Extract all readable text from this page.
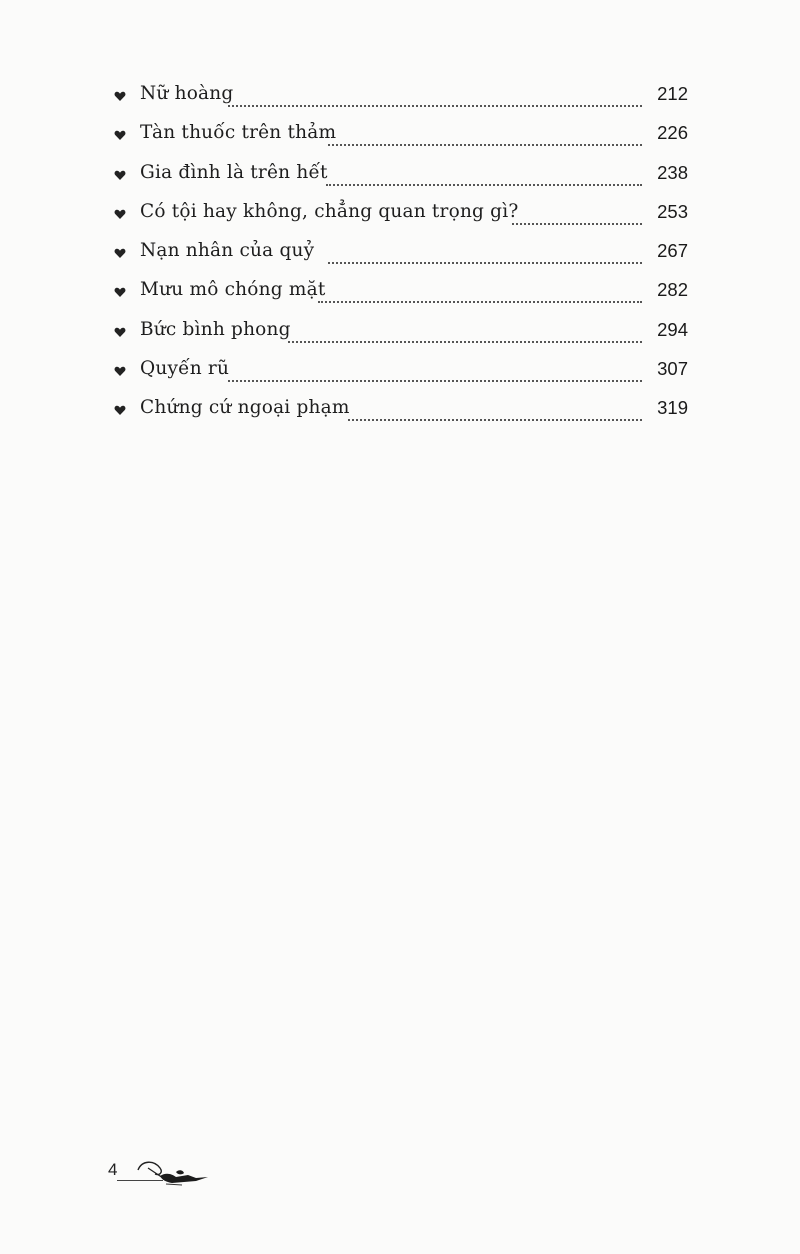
Nữ hoàng	212
Tàn thuốc trên thảm	226
Gia đình là trên hết	238
Có tội hay không, chẳng quan trọng gì?	253
Nạn nhân của quỷ	267
Mưu mô chóng mặt	282
Bức bình phong	294
Quyến rũ	307
Chứng cứ ngoại phạm	319
4
